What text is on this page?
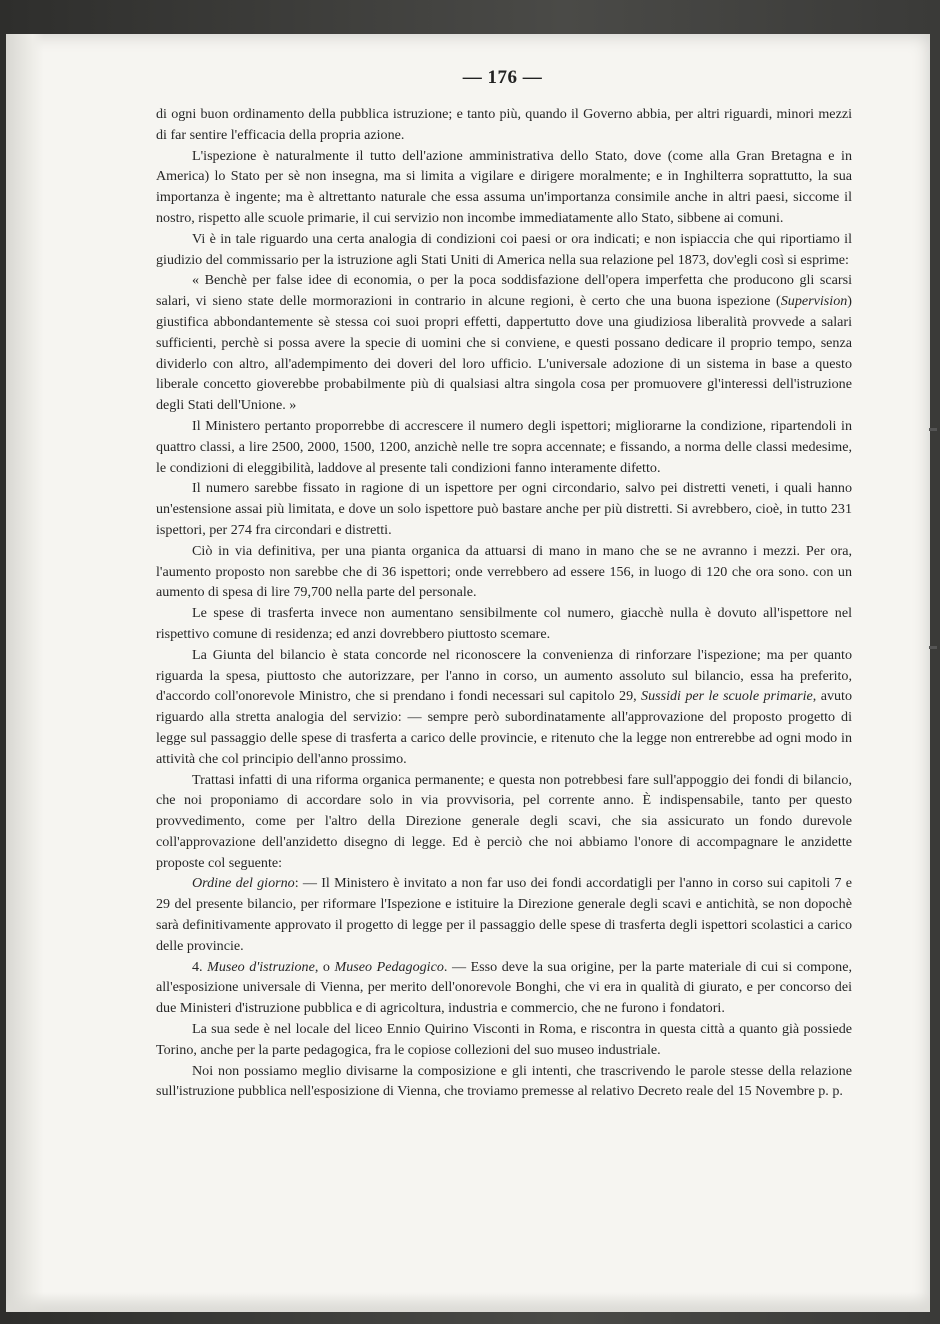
— 176 —

di ogni buon ordinamento della pubblica istruzione; e tanto più, quando il Governo abbia, per altri riguardi, minori mezzi di far sentire l'efficacia della propria azione.

L'ispezione è naturalmente il tutto dell'azione amministrativa dello Stato, dove (come alla Gran Bretagna e in America) lo Stato per sè non insegna, ma si limita a vigilare e dirigere moralmente; e in Inghilterra soprattutto, la sua importanza è ingente; ma è altrettanto naturale che essa assuma un'importanza consimile anche in altri paesi, siccome il nostro, rispetto alle scuole primarie, il cui servizio non incombe immediatamente allo Stato, sibbene ai comuni.

Vi è in tale riguardo una certa analogia di condizioni coi paesi or ora indicati; e non ispiaccia che qui riportiamo il giudizio del commissario per la istruzione agli Stati Uniti di America nella sua relazione pel 1873, dov'egli così si esprime:

« Benchè per false idee di economia, o per la poca soddisfazione dell'opera imperfetta che producono gli scarsi salari, vi sieno state delle mormorazioni in contrario in alcune regioni, è certo che una buona ispezione (Supervision) giustifica abbondantemente sè stessa coi suoi propri effetti, dappertutto dove una giudiziosa liberalità provvede a salari sufficienti, perchè si possa avere la specie di uomini che si conviene, e questi possano dedicare il proprio tempo, senza dividerlo con altro, all'adempimento dei doveri del loro ufficio. L'universale adozione di un sistema in base a questo liberale concetto gioverebbe probabilmente più di qualsiasi altra singola cosa per promuovere gl'interessi dell'istruzione degli Stati dell'Unione. »

Il Ministero pertanto proporrebbe di accrescere il numero degli ispettori; migliorarne la condizione, ripartendoli in quattro classi, a lire 2500, 2000, 1500, 1200, anzichè nelle tre sopra accennate; e fissando, a norma delle classi medesime, le condizioni di eleggibilità, laddove al presente tali condizioni fanno interamente difetto.

Il numero sarebbe fissato in ragione di un ispettore per ogni circondario, salvo pei distretti veneti, i quali hanno un'estensione assai più limitata, e dove un solo ispettore può bastare anche per più distretti. Si avrebbero, cioè, in tutto 231 ispettori, per 274 fra circondari e distretti.

Ciò in via definitiva, per una pianta organica da attuarsi di mano in mano che se ne avranno i mezzi. Per ora, l'aumento proposto non sarebbe che di 36 ispettori; onde verrebbero ad essere 156, in luogo di 120 che ora sono. con un aumento di spesa di lire 79,700 nella parte del personale.

Le spese di trasferta invece non aumentano sensibilmente col numero, giacchè nulla è dovuto all'ispettore nel rispettivo comune di residenza; ed anzi dovrebbero piuttosto scemare.

La Giunta del bilancio è stata concorde nel riconoscere la convenienza di rinforzare l'ispezione; ma per quanto riguarda la spesa, piuttosto che autorizzare, per l'anno in corso, un aumento assoluto sul bilancio, essa ha preferito, d'accordo coll'onorevole Ministro, che si prendano i fondi necessari sul capitolo 29, Sussidi per le scuole primarie, avuto riguardo alla stretta analogia del servizio: — sempre però subordinatamente all'approvazione del proposto progetto di legge sul passaggio delle spese di trasferta a carico delle provincie, e ritenuto che la legge non entrerebbe ad ogni modo in attività che col principio dell'anno prossimo.

Trattasi infatti di una riforma organica permanente; e questa non potrebbesi fare sull'appoggio dei fondi di bilancio, che noi proponiamo di accordare solo in via provvisoria, pel corrente anno. È indispensabile, tanto per questo provvedimento, come per l'altro della Direzione generale degli scavi, che sia assicurato un fondo durevole coll'approvazione dell'anzidetto disegno di legge. Ed è perciò che noi abbiamo l'onore di accompagnare le anzidette proposte col seguente:

Ordine del giorno: — Il Ministero è invitato a non far uso dei fondi accordatigli per l'anno in corso sui capitoli 7 e 29 del presente bilancio, per riformare l'Ispezione e istituire la Direzione generale degli scavi e antichità, se non dopochè sarà definitivamente approvato il progetto di legge per il passaggio delle spese di trasferta degli ispettori scolastici a carico delle provincie.

4. Museo d'istruzione, o Museo Pedagogico. — Esso deve la sua origine, per la parte materiale di cui si compone, all'esposizione universale di Vienna, per merito dell'onorevole Bonghi, che vi era in qualità di giurato, e per concorso dei due Ministeri d'istruzione pubblica e di agricoltura, industria e commercio, che ne furono i fondatori.

La sua sede è nel locale del liceo Ennio Quirino Visconti in Roma, e riscontra in questa città a quanto già possiede Torino, anche per la parte pedagogica, fra le copiose collezioni del suo museo industriale.

Noi non possiamo meglio divisarne la composizione e gli intenti, che trascrivendo le parole stesse della relazione sull'istruzione pubblica nell'esposizione di Vienna, che troviamo premesse al relativo Decreto reale del 15 Novembre p. p.
